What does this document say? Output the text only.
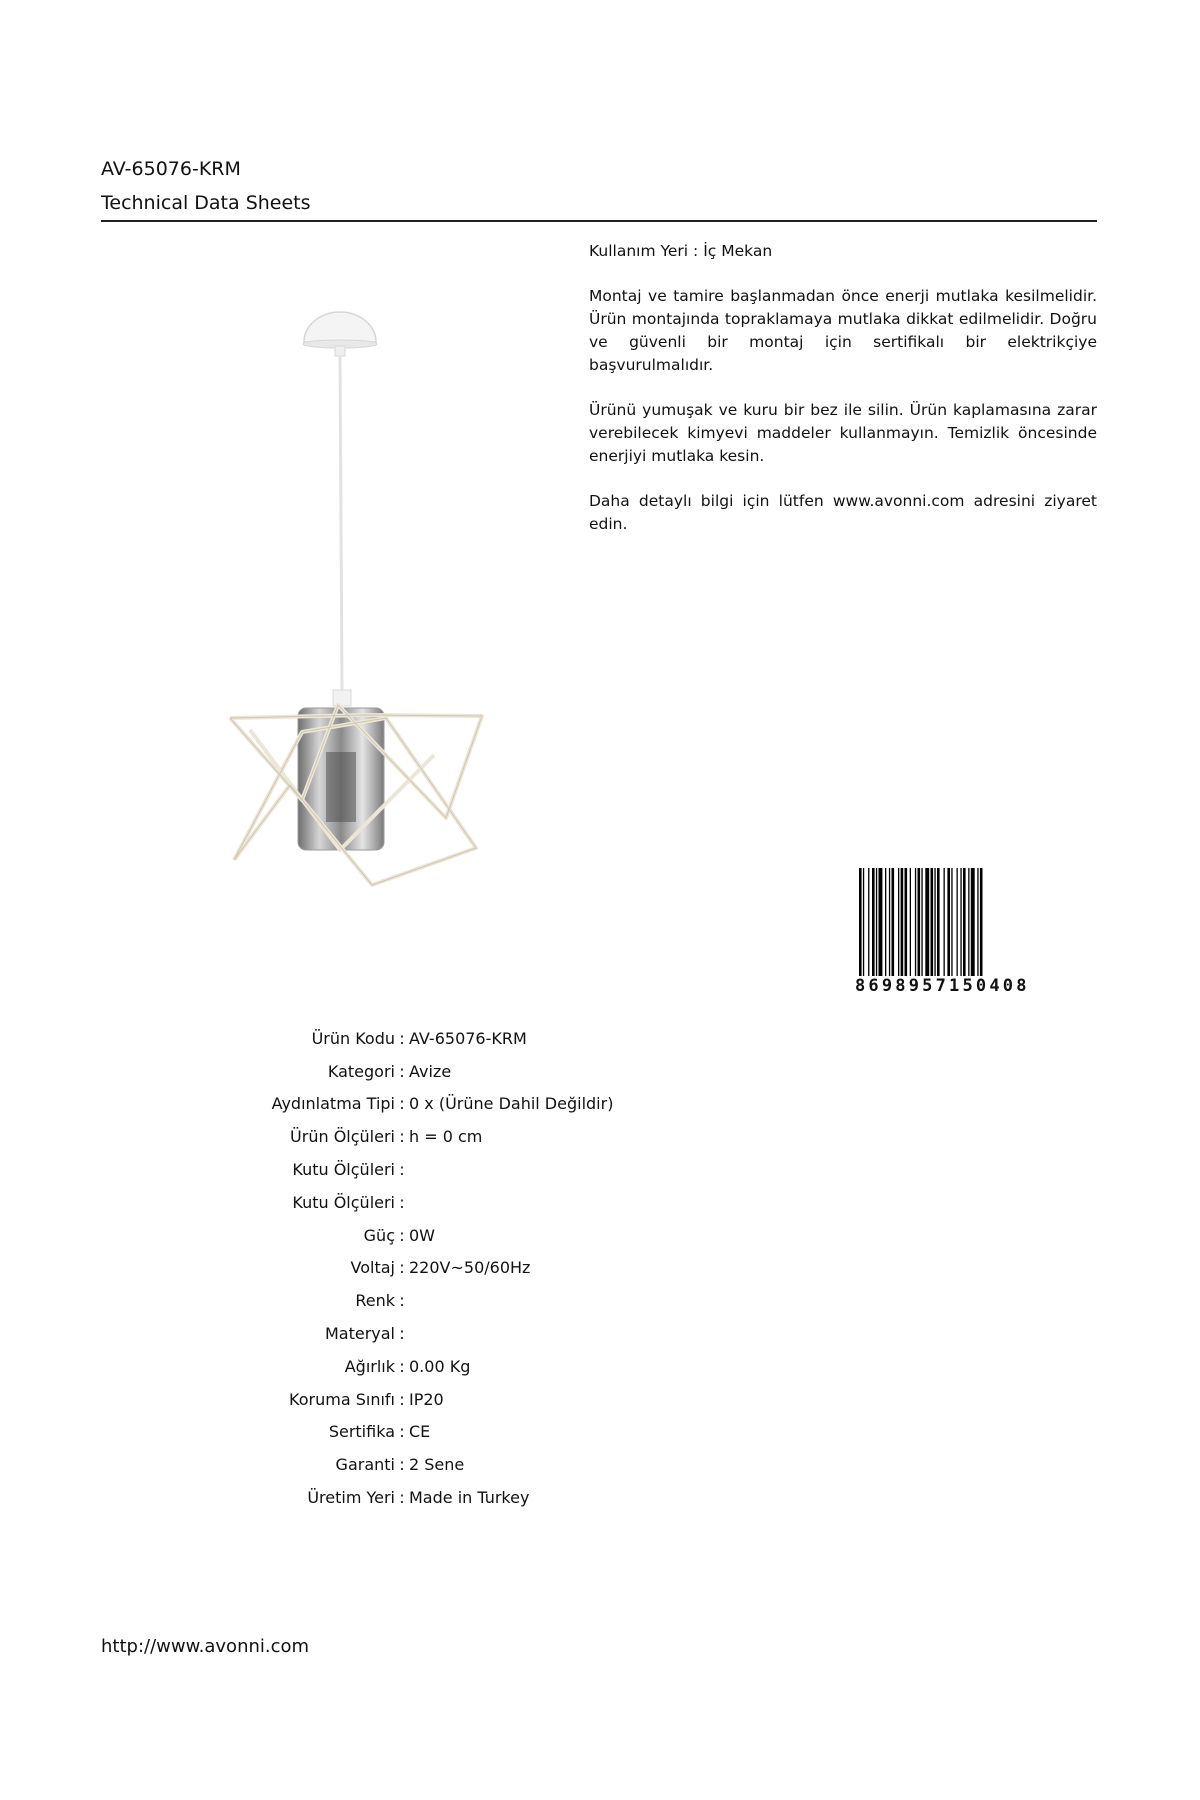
AV-65076-KRM
Technical Data Sheets

Kullanım Yeri : İç Mekan

Montaj ve tamire başlanmadan önce enerji mutlaka kesilmelidir. Ürün montajında topraklamaya mutlaka dikkat edilmelidir. Doğru ve güvenli bir montaj için sertifikalı bir elektrikçiye başvurulmalıdır.

Ürünü yumuşak ve kuru bir bez ile silin. Ürün kaplamasına zarar verebilecek kimyevi maddeler kullanmayın. Temizlik öncesinde enerjiyi mutlaka kesin.

Daha detaylı bilgi için lütfen www.avonni.com adresini ziyaret edin.

8698957150408
Ürün Kodu : AV-65076-KRM
Kategori : Avize
Aydınlatma Tipi : 0 x (Ürüne Dahil Değildir)
Ürün Ölçüleri : h = 0 cm
Kutu Ölçüleri :
Kutu Ölçüleri :
Güç : 0W
Voltaj : 220V~50/60Hz
Renk :
Materyal :
Ağırlık : 0.00 Kg
Koruma Sınıfı : IP20
Sertifika : CE
Garanti : 2 Sene
Üretim Yeri : Made in Turkey
http://www.avonni.com
